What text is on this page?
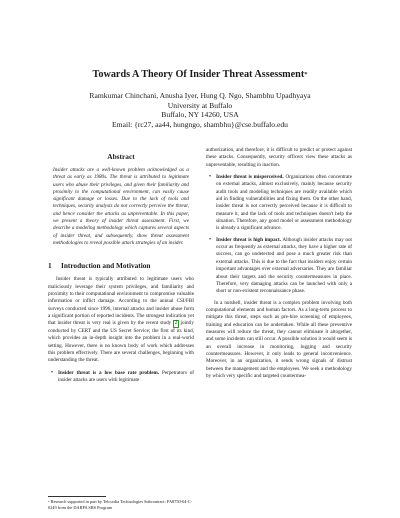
Towards A Theory Of Insider Threat Assessment*
Ramkumar Chinchani, Anusha Iyer, Hung Q. Ngo, Shambhu Upadhyaya
University at Buffalo
Buffalo, NY 14260, USA
Email: {rc27, aa44, hungngo, shambhu}@cse.buffalo.edu
Abstract

Insider attacks are a well-known problem acknowledged as a threat as early as 1980s. The threat is attributed to legitimate users who abuse their privileges, and given their familiarity and proximity to the computational environment, can easily cause significant damage or losses. Due to the lack of tools and techniques, security analysts do not correctly perceive the threat, and hence consider the attacks as unpreventable. In this paper, we present a theory of insider threat assessment. First, we describe a modeling methodology which captures several aspects of insider threat, and subsequently, show threat assessment methodologies to reveal possible attack strategies of an insider.

1 Introduction and Motivation

Insider threat is typically attributed to legitimate users who maliciously leverage their system privileges, and familiarity and proximity to their computational environment to compromise valuable information or inflict damage. According to the annual CSI/FBI surveys conducted since 1996, internal attacks and insider abuse form a significant portion of reported incidents. The strongest indication yet that insider threat is very real is given by the recent study 2 jointly conducted by CERT and the US Secret Service; the first of its kind, which provides an in-depth insight into the problem in a real-world setting. However, there is no known body of work which addresses this problem effectively. There are several challenges, beginning with understanding the threat.

• Insider threat is a low base rate problem. Perpetrators of insider attacks are users with legitimate

authorization, and therefore, it is difficult to predict or protect against these attacks. Consequently, security officers view these attacks as unpreventable, resulting in inaction.

• Insider threat is misperceived. Organizations often concentrate on external attacks, almost exclusively, mainly because security audit tools and modeling techniques are readily available which aid in finding vulnerabilities and fixing them. On the other hand, insider threat is not correctly perceived because it is difficult to measure it, and the lack of tools and techniques doesn't help the situation. Therefore, any good model or assessment methodology is already a significant advance.
• Insider threat is high impact. Although insider attacks may not occur as frequently as external attacks, they have a higher rate of success, can go undetected and pose a much greater risk than external attacks. This is due to the fact that insiders enjoy certain important advantages over external adversaries. They are familiar about their targets and the security countermeasures in place. Therefore, very damaging attacks can be launched with only a short or non-existent reconnaissance phase.

In a nutshell, insider threat is a complex problem involving both computational elements and human factors. As a long-term process to mitigate this threat, steps such as pre-hire screening of employees, training and education can be undertaken. While all these preventive measures will reduce the threat, they cannot eliminate it altogether, and some incidents can still occur. A possible solution it would seem is an overall increase in monitoring, logging and security countermeasures. However, it only leads to general inconvenience. Moreover, in an organization, it sends wrong signals of distrust between the management and the employees. We seek a methodology by which very specific and targeted countermea-

*Research supported in part by Telcordia Technologies Subcontract: FA8750-04-C-0249 from the DARPA SRS Program
